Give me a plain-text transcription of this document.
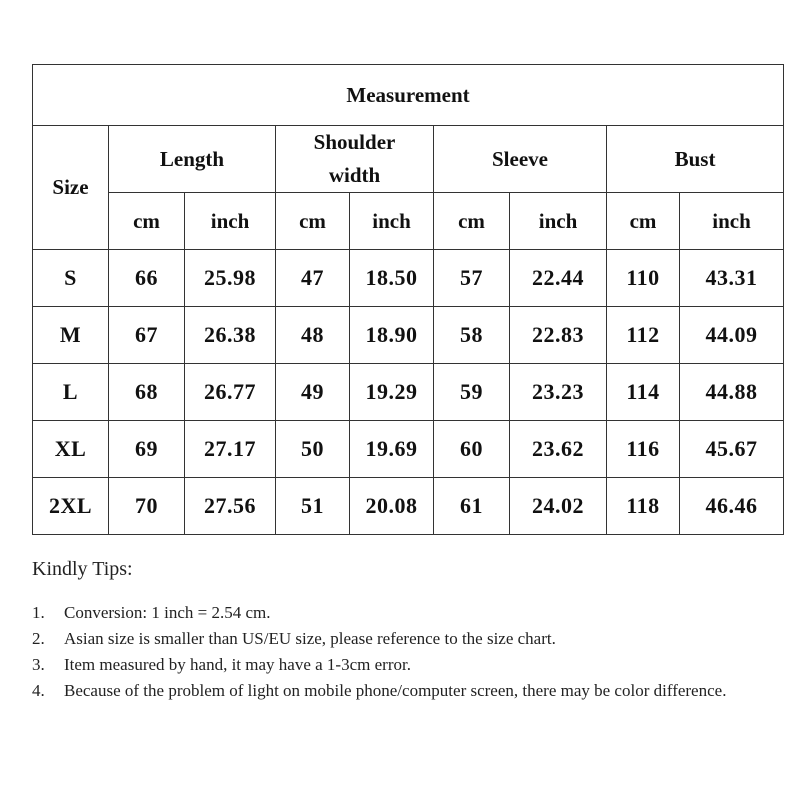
Measurement								
Size	Length		Shoulder width		Sleeve		Bust	
	cm	inch	cm	inch	cm	inch	cm	inch
S	66	25.98	47	18.50	57	22.44	110	43.31
M	67	26.38	48	18.90	58	22.83	112	44.09
L	68	26.77	49	19.29	59	23.23	114	44.88
XL	69	27.17	50	19.69	60	23.62	116	45.67
2XL	70	27.56	51	20.08	61	24.02	118	46.46
Kindly Tips:
1. Conversion: 1 inch = 2.54 cm.
2. Asian size is smaller than US/EU size, please reference to the size chart.
3. Item measured by hand, it may have a 1-3cm error.
4. Because of the problem of light on mobile phone/computer screen, there may be color difference.
